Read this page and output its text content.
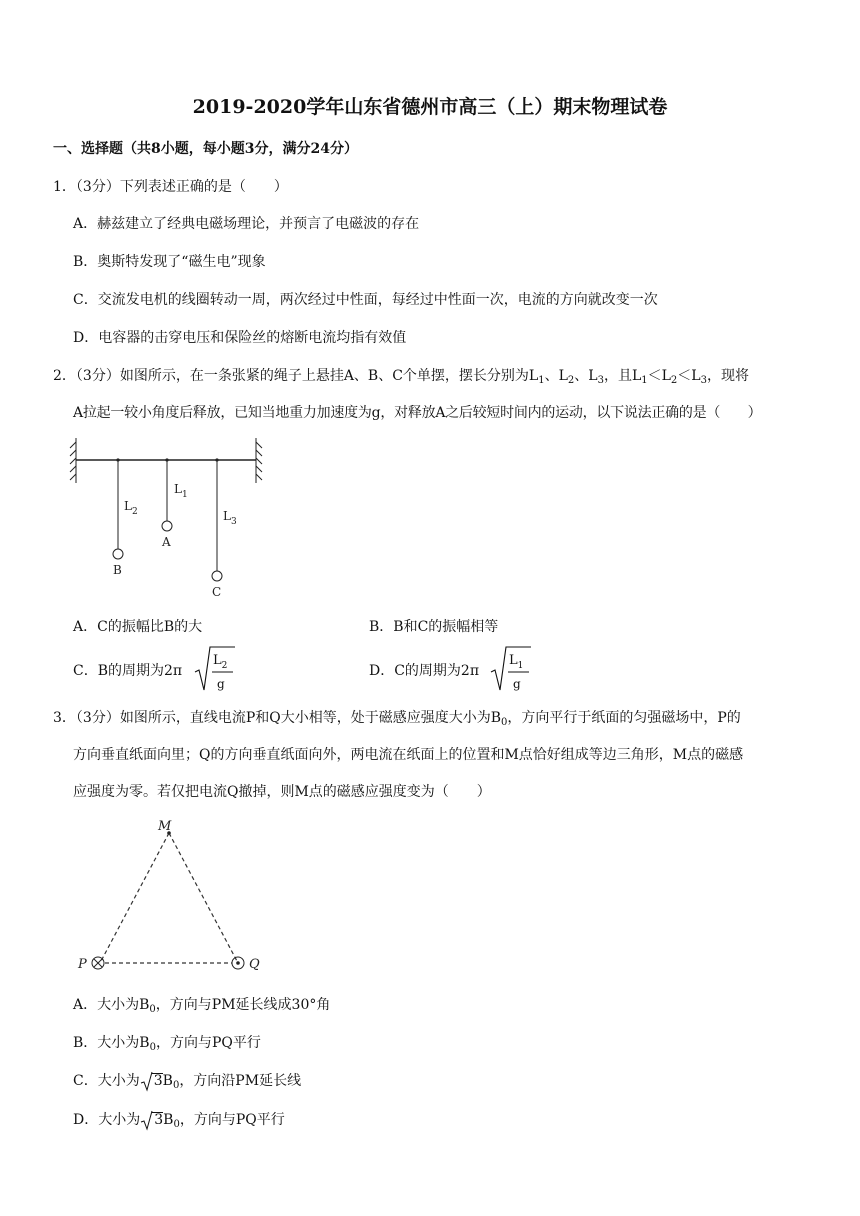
2019-2020学年山东省德州市高三（上）期末物理试卷
一、选择题（共8小题，每小题3分，满分24分）
1．（3分）下列表述正确的是（　　）
A．赫兹建立了经典电磁场理论，并预言了电磁波的存在
B．奥斯特发现了“磁生电”现象
C．交流发电机的线圈转动一周，两次经过中性面，每经过中性面一次，电流的方向就改变一次
D．电容器的击穿电压和保险丝的熔断电流均指有效值
2．（3分）如图所示，在一条张紧的绳子上悬挂A、B、C个单摆，摆长分别为$L_1$、$L_2$、$L_3$，且$L_1<L_2<L_3$，现将
A拉起一较小角度后释放，已知当地重力加速度为g，对释放A之后较短时间内的运动，以下说法正确的是（　　）
$L_2$
$L_1$
$L_3$
A
B
C
A．C的振幅比B的大	B．B和C的振幅相等
C．B的周期为2π
$L_2$
g
D．C的周期为2π
$L_1$
g
3．（3分）如图所示，直线电流P和Q大小相等，处于磁感应强度大小为$B_0$，方向平行于纸面的匀强磁场中，P的
方向垂直纸面向里；Q的方向垂直纸面向外，两电流在纸面上的位置和M点恰好组成等边三角形，M点的磁感
应强度为零。若仅把电流Q撤掉，则M点的磁感应强度变为（　　）
M
P	Q
A．大小为$B_0$，方向与PM延长线成30°角
B．大小为$B_0$，方向与PQ平行
C．大小为 $3B_0$，方向沿PM延长线
D．大小为 $3B_0$，方向与PQ平行
